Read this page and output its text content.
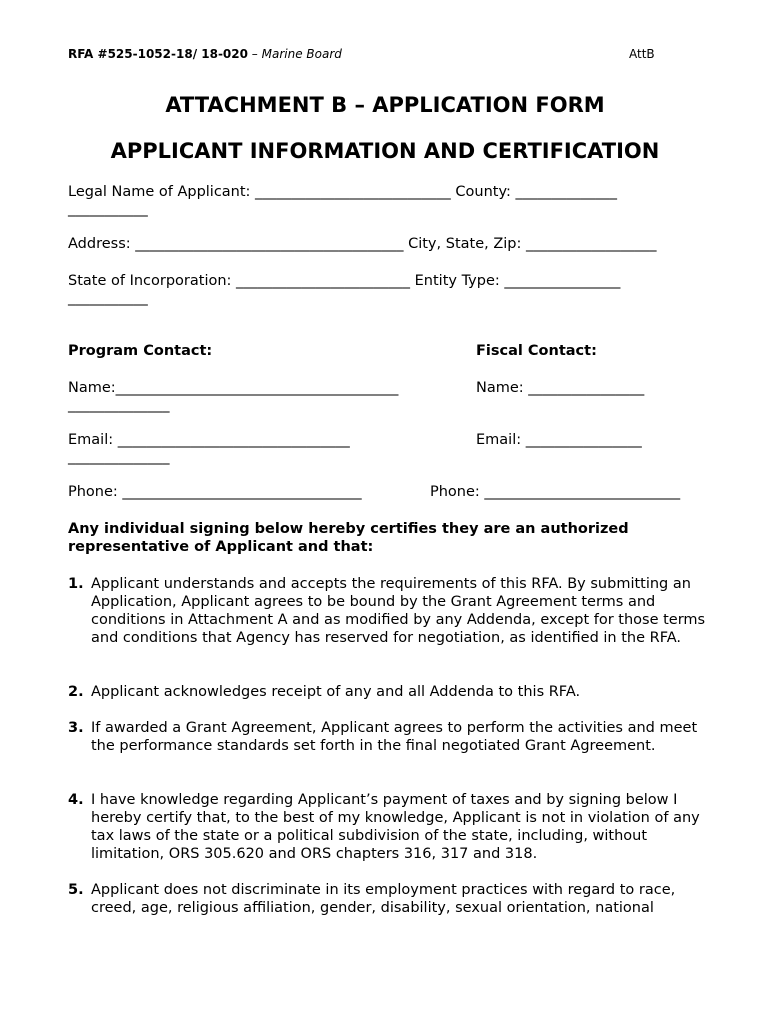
RFA #525-1052-18/ 18-020 – Marine Board	AttB
ATTACHMENT B – APPLICATION FORM
APPLICANT INFORMATION AND CERTIFICATION
Legal Name of Applicant: ___________________________ County: ______________
___________
Address: _____________________________________ City, State, Zip: __________________
State of Incorporation: ________________________ Entity Type: ________________
___________
Program Contact:	Fiscal Contact:
Name:_______________________________________	Name: ________________
______________
Email: ________________________________	Email: ________________
______________
Phone: _________________________________	Phone: ___________________________
Any individual signing below hereby certifies they are an authorized representative of Applicant and that:
1. Applicant understands and accepts the requirements of this RFA. By submitting an Application, Applicant agrees to be bound by the Grant Agreement terms and conditions in Attachment A and as modified by any Addenda, except for those terms and conditions that Agency has reserved for negotiation, as identified in the RFA.
2. Applicant acknowledges receipt of any and all Addenda to this RFA.
3. If awarded a Grant Agreement, Applicant agrees to perform the activities and meet the performance standards set forth in the final negotiated Grant Agreement.
4. I have knowledge regarding Applicant’s payment of taxes and by signing below I hereby certify that, to the best of my knowledge, Applicant is not in violation of any tax laws of the state or a political subdivision of the state, including, without limitation, ORS 305.620 and ORS chapters 316, 317 and 318.
5. Applicant does not discriminate in its employment practices with regard to race, creed, age, religious affiliation, gender, disability, sexual orientation, national
